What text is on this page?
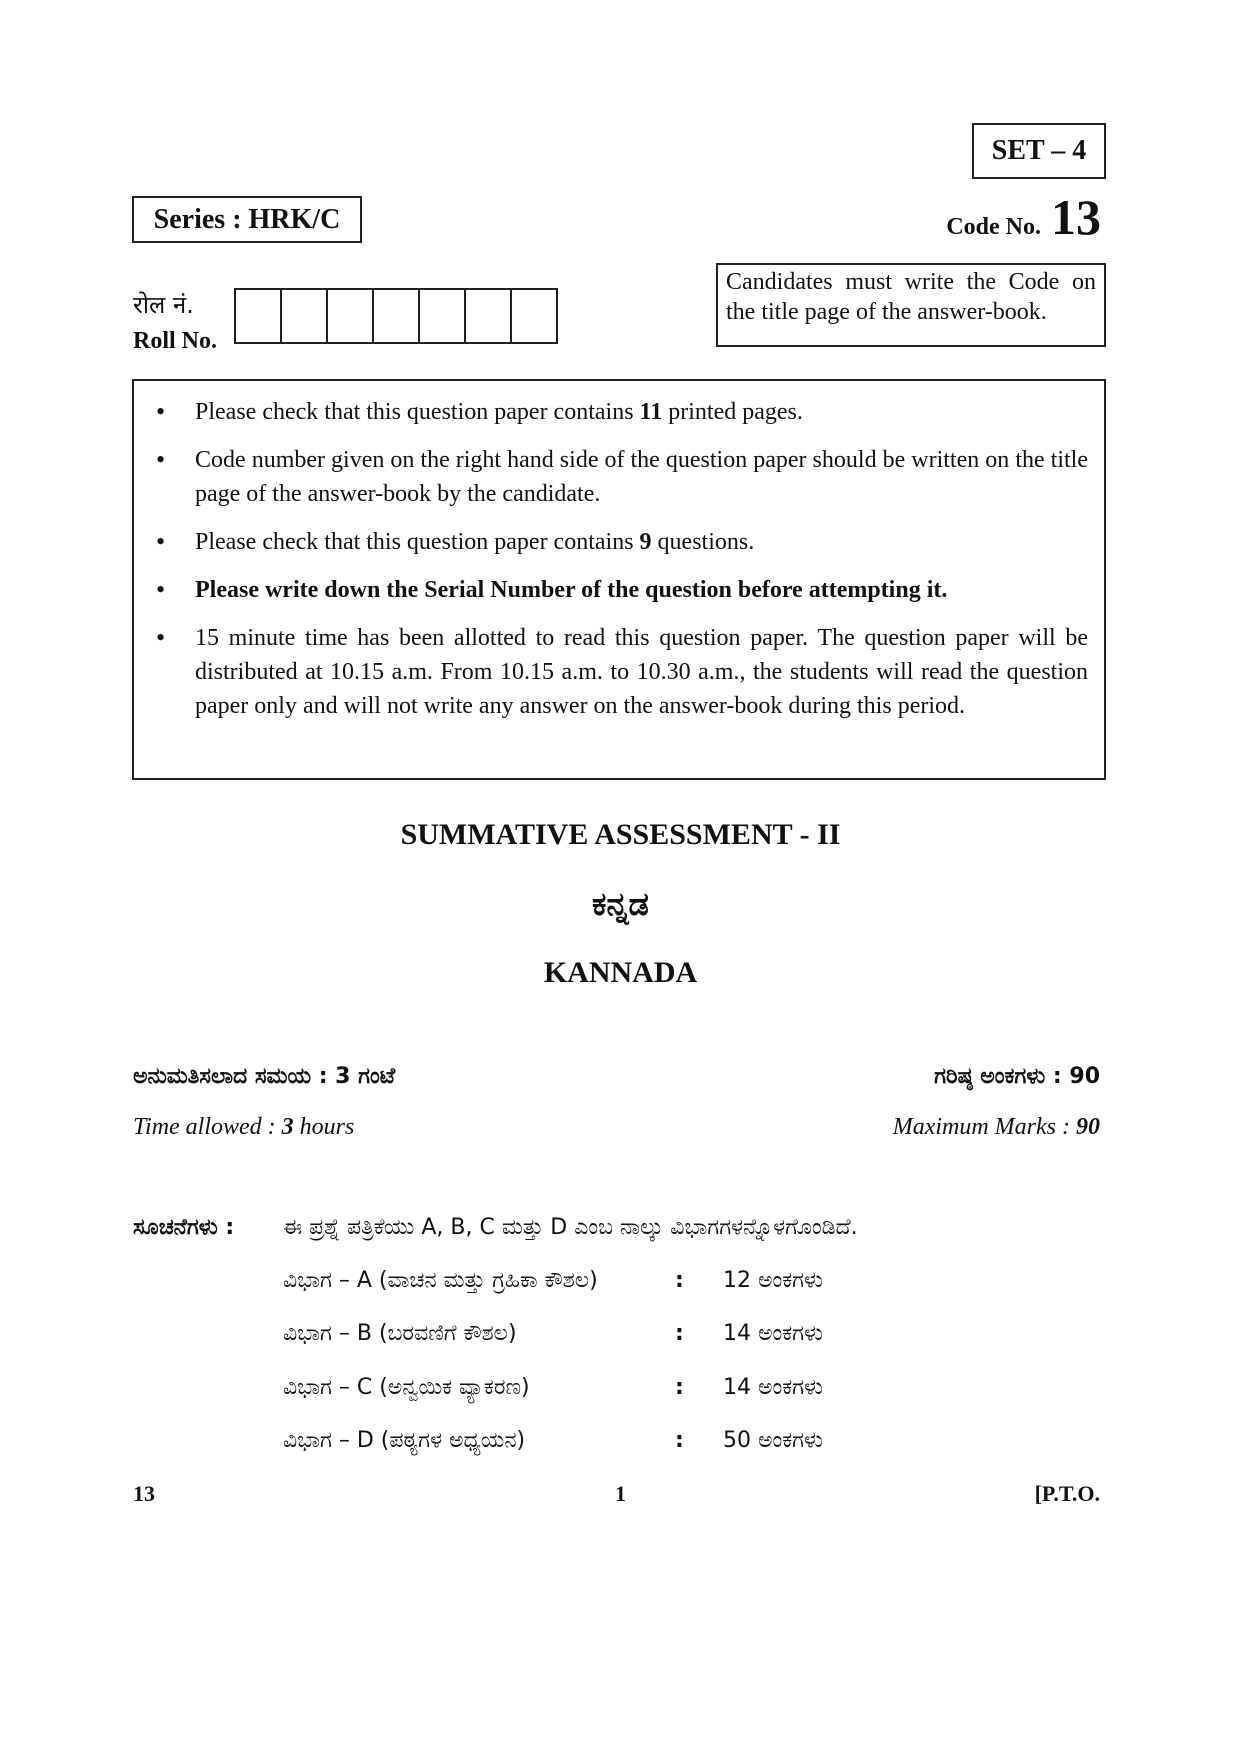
SET – 4
Series : HRK/C	Code No. 13
रोल नं.
Roll No.
Candidates must write the Code on the title page of the answer-book.
• Please check that this question paper contains 11 printed pages.
• Code number given on the right hand side of the question paper should be written on the title page of the answer-book by the candidate.
• Please check that this question paper contains 9 questions.
• Please write down the Serial Number of the question before attempting it.
• 15 minute time has been allotted to read this question paper. The question paper will be distributed at 10.15 a.m. From 10.15 a.m. to 10.30 a.m., the students will read the question paper only and will not write any answer on the answer-book during this period.
SUMMATIVE ASSESSMENT - II
ಕನ್ನಡ
KANNADA
ಅನುಮತಿಸಲಾದ ಸಮಯ : 3 ಗಂಟೆ	ಗರಿಷ್ಠ ಅಂಕಗಳು : 90
Time allowed : 3 hours	Maximum Marks : 90
ಸೂಚನೆಗಳು : ಈ ಪ್ರಶ್ನೆ ಪತ್ರಿಕೆಯು A, B, C ಮತ್ತು D ಎಂಬ ನಾಲ್ಕು ವಿಭಾಗಗಳನ್ನೊಳಗೊಂಡಿದೆ.
ವಿಭಾಗ – A (ವಾಚನ ಮತ್ತು ಗ್ರಹಿಕಾ ಕೌಶಲ)	: 12 ಅಂಕಗಳು
ವಿಭಾಗ – B (ಬರವಣಿಗೆ ಕೌಶಲ)	: 14 ಅಂಕಗಳು
ವಿಭಾಗ – C (ಅನ್ವಯಿಕ ವ್ಯಾಕರಣ)	: 14 ಅಂಕಗಳು
ವಿಭಾಗ – D (ಪಠ್ಯಗಳ ಅಧ್ಯಯನ)	: 50 ಅಂಕಗಳು
13	1	[P.T.O.
